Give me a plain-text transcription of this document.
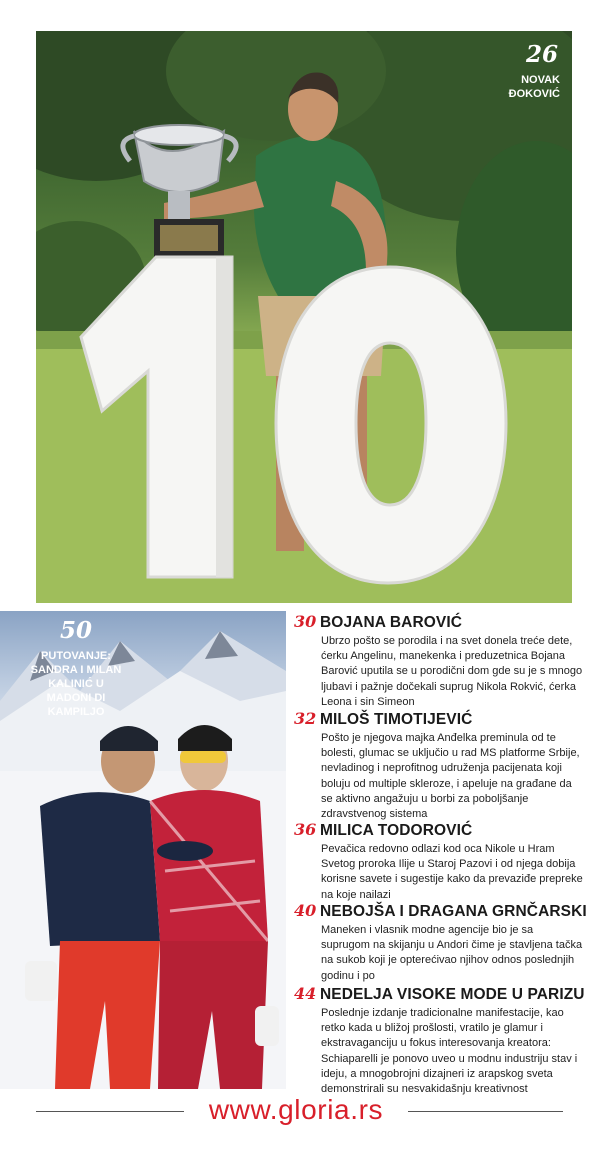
26
NOVAK ĐOKOVIĆ
50
PUTOVANJE: SANDRA I MILAN KALINIĆ U MADONI DI KAMPILJO
30 BOJANA BAROVIĆ
Ubrzo pošto se porodila i na svet donela treće dete, ćerku Angelinu, manekenka i preduzetnica Bojana Barović uputila se u porodični dom gde su je s mnogo ljubavi i pažnje dočekali suprug Nikola Rokvić, ćerka Leona i sin Simeon
32 MILOŠ TIMOTIJEVIĆ
Pošto je njegova majka Anđelka preminula od te bolesti, glumac se uključio u rad MS platforme Srbije, nevladinog i neprofitnog udruženja pacijenata koji boluju od multiple skleroze, i apeluje na građane da se aktivno angažuju u borbi za poboljšanje zdravstvenog sistema
36 MILICA TODOROVIĆ
Pevačica redovno odlazi kod oca Nikole u Hram Svetog proroka Ilije u Staroj Pazovi i od njega dobija korisne savete i sugestije kako da prevaziđe prepreke na koje nailazi
40 NEBOJŠA I DRAGANA GRNČARSKI
Maneken i vlasnik modne agencije bio je sa suprugom na skijanju u Andori čime je stavljena tačka na sukob koji je opterećivao njihov odnos poslednjih godinu i po
44 NEDELJA VISOKE MODE U PARIZU
Poslednje izdanje tradicionalne manifestacije, kao retko kada u bližoj prošlosti, vratilo je glamur i ekstravaganciju u fokus interesovanja kreatora: Schiaparelli je ponovo uveo u modnu industriju stav i ideju, a mnogobrojni dizajneri iz arapskog sveta demonstrirali su nesvakidašnju kreativnost
www.gloria.rs
